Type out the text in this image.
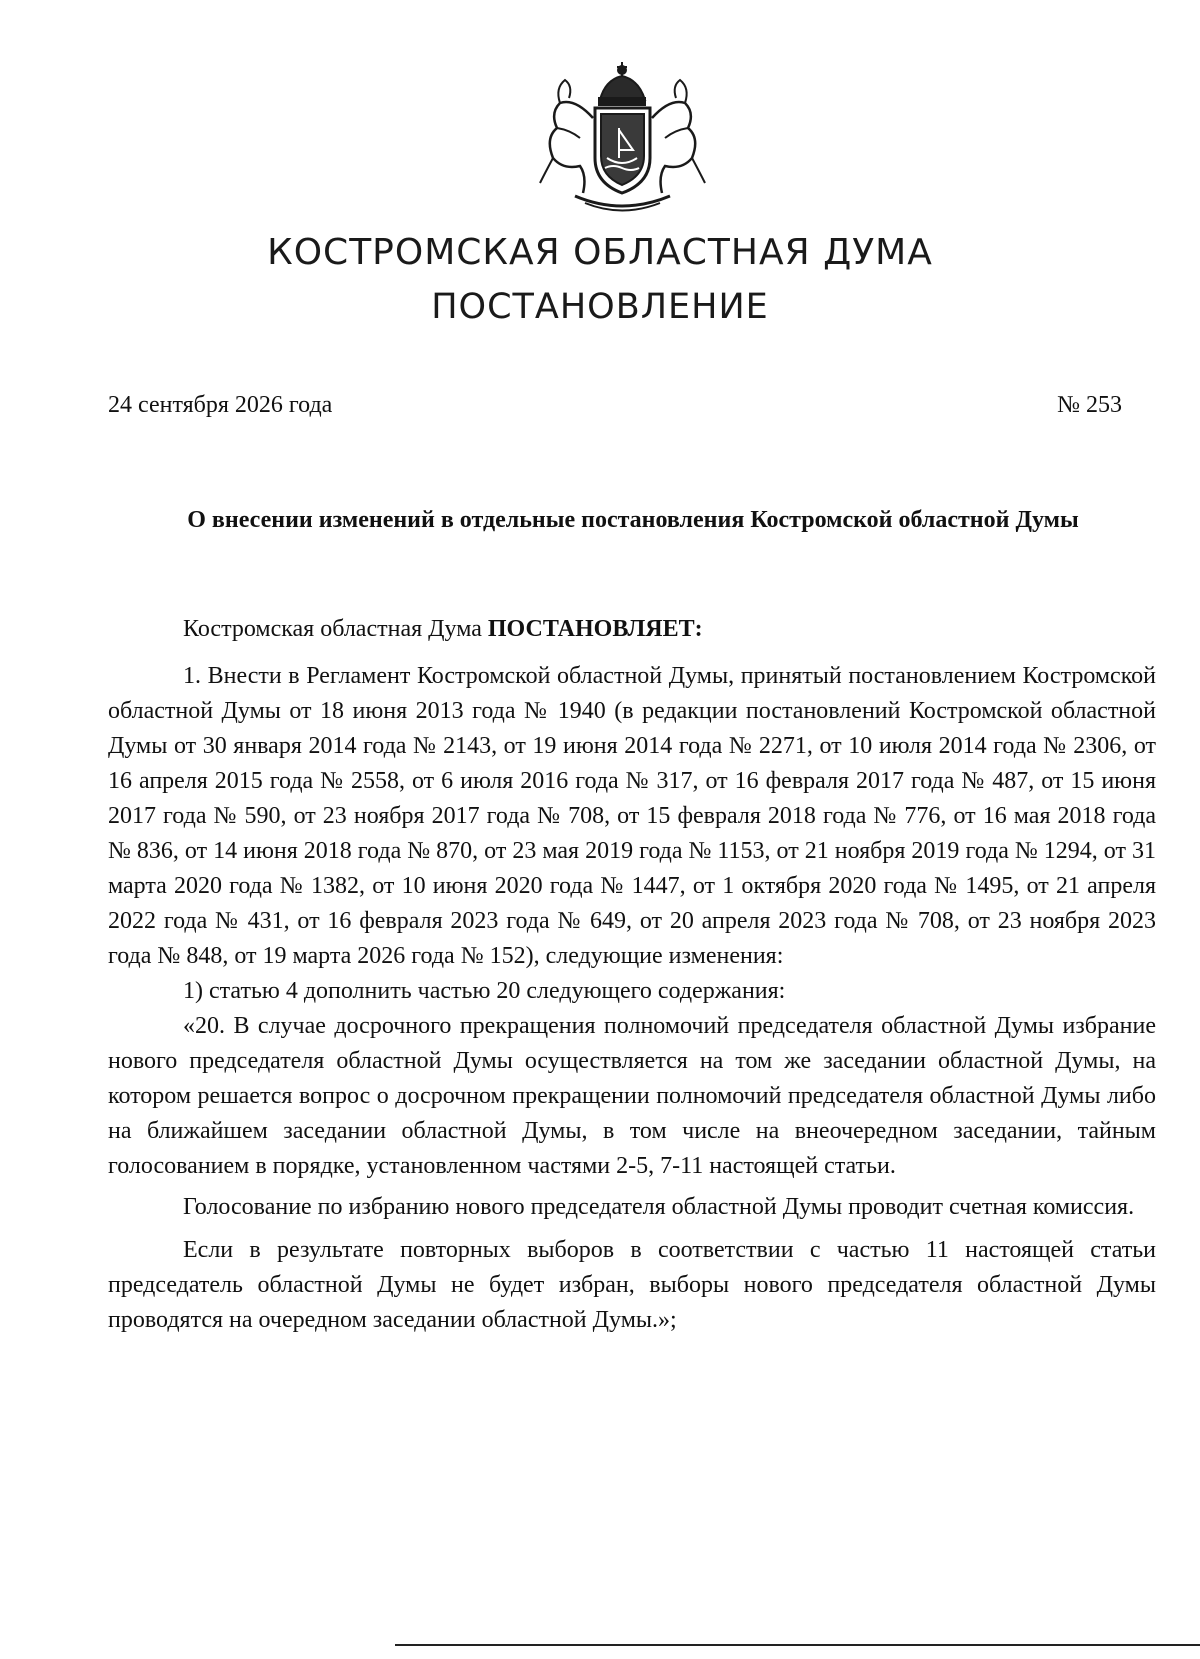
КОСТРОМСКАЯ ОБЛАСТНАЯ ДУМА
ПОСТАНОВЛЕНИЕ
24 сентября 2026 года	№ 253
О внесении изменений в отдельные постановления Костромской областной Думы

Костромская областная Дума ПОСТАНОВЛЯЕТ:

1. Внести в Регламент Костромской областной Думы, принятый постановлением Костромской областной Думы от 18 июня 2013 года № 1940 (в редакции постановлений Костромской областной Думы от 30 января 2014 года № 2143, от 19 июня 2014 года № 2271, от 10 июля 2014 года № 2306, от 16 апреля 2015 года № 2558, от 6 июля 2016 года № 317, от 16 февраля 2017 года № 487, от 15 июня 2017 года № 590, от 23 ноября 2017 года № 708, от 15 февраля 2018 года № 776, от 16 мая 2018 года № 836, от 14 июня 2018 года № 870, от 23 мая 2019 года № 1153, от 21 ноября 2019 года № 1294, от 31 марта 2020 года № 1382, от 10 июня 2020 года № 1447, от 1 октября 2020 года № 1495, от 21 апреля 2022 года № 431, от 16 февраля 2023 года № 649, от 20 апреля 2023 года № 708, от 23 ноября 2023 года № 848, от 19 марта 2026 года № 152), следующие изменения:

1) статью 4 дополнить частью 20 следующего содержания:

«20. В случае досрочного прекращения полномочий председателя областной Думы избрание нового председателя областной Думы осуществляется на том же заседании областной Думы, на котором решается вопрос о досрочном прекращении полномочий председателя областной Думы либо на ближайшем заседании областной Думы, в том числе на внеочередном заседании, тайным голосованием в порядке, установленном частями 2-5, 7-11 настоящей статьи.

Голосование по избранию нового председателя областной Думы проводит счетная комиссия.

Если в результате повторных выборов в соответствии с частью 11 настоящей статьи председатель областной Думы не будет избран, выборы нового председателя областной Думы проводятся на очередном заседании областной Думы.»;
